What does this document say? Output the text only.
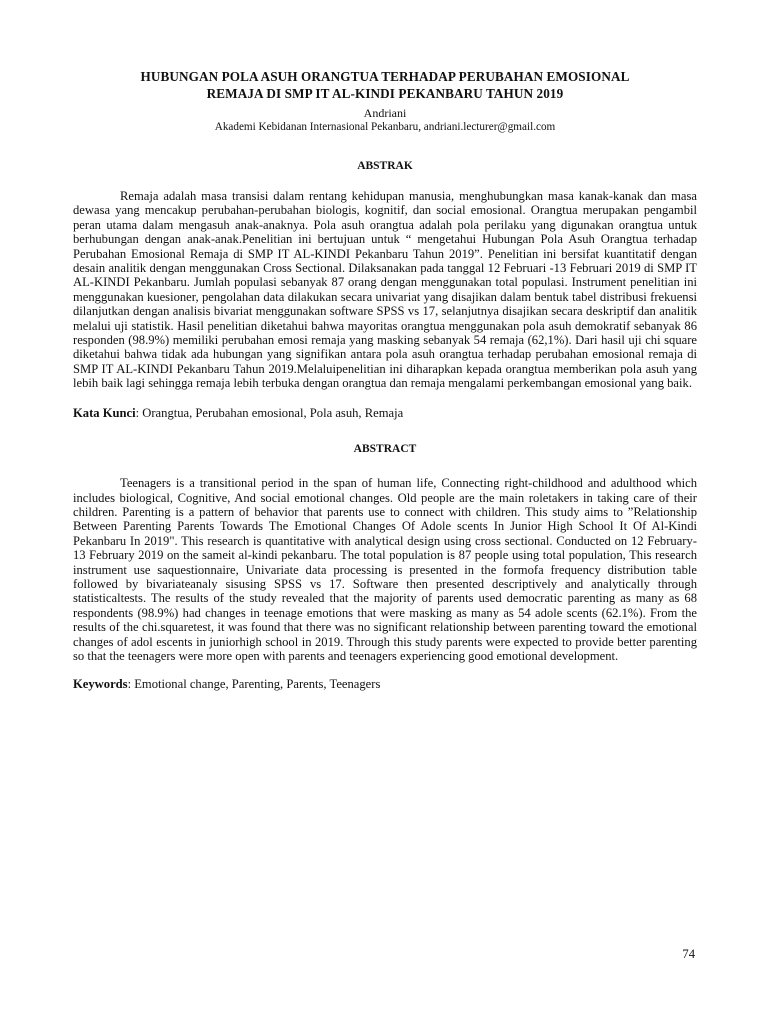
HUBUNGAN POLA ASUH ORANGTUA TERHADAP PERUBAHAN EMOSIONAL
REMAJA DI SMP IT AL-KINDI PEKANBARU TAHUN 2019

Andriani

Akademi Kebidanan Internasional Pekanbaru, andriani.lecturer@gmail.com

ABSTRAK

Remaja adalah masa transisi dalam rentang kehidupan manusia, menghubungkan masa kanak-kanak dan masa dewasa yang mencakup perubahan-perubahan biologis, kognitif, dan social emosional. Orangtua merupakan pengambil peran utama dalam mengasuh anak-anaknya. Pola asuh orangtua adalah pola perilaku yang digunakan orangtua untuk berhubungan dengan anak-anak.Penelitian ini bertujuan untuk “ mengetahui Hubungan Pola Asuh Orangtua terhadap Perubahan Emosional Remaja di SMP IT AL-KINDI Pekanbaru Tahun 2019”. Penelitian ini bersifat kuantitatif dengan desain analitik dengan menggunakan Cross Sectional. Dilaksanakan pada tanggal 12 Februari -13 Februari 2019 di SMP IT AL-KINDI Pekanbaru. Jumlah populasi sebanyak 87 orang dengan menggunakan total populasi. Instrument penelitian ini menggunakan kuesioner, pengolahan data dilakukan secara univariat yang disajikan dalam bentuk tabel distribusi frekuensi dilanjutkan dengan analisis bivariat menggunakan software SPSS vs 17, selanjutnya disajikan secara deskriptif dan analitik melalui uji statistik. Hasil penelitian diketahui bahwa mayoritas orangtua menggunakan pola asuh demokratif sebanyak 86 responden (98.9%) memiliki perubahan emosi remaja yang masking sebanyak 54 remaja (62,1%). Dari hasil uji chi square diketahui bahwa tidak ada hubungan yang signifikan antara pola asuh orangtua terhadap perubahan emosional remaja di SMP IT AL-KINDI Pekanbaru Tahun 2019.Melaluipenelitian ini diharapkan kepada orangtua memberikan pola asuh yang lebih baik lagi sehingga remaja lebih terbuka dengan orangtua dan remaja mengalami perkembangan emosional yang baik.

Kata Kunci: Orangtua, Perubahan emosional, Pola asuh, Remaja

ABSTRACT

Teenagers is a transitional period in the span of human life, Connecting right-childhood and adulthood which includes biological, Cognitive, And social emotional changes. Old people are the main roletakers in taking care of their children. Parenting is a pattern of behavior that parents use to connect with children. This study aims to ”Relationship Between Parenting Parents Towards The Emotional Changes Of Adole scents In Junior High School It Of Al-Kindi Pekanbaru In 2019". This research is quantitative with analytical design using cross sectional. Conducted on 12 February-13 February 2019 on the sameit al-kindi pekanbaru. The total population is 87 people using total population, This research instrument use saquestionnaire, Univariate data processing is presented in the formofa frequency distribution table followed by bivariateanaly sisusing SPSS vs 17. Software then presented descriptively and analytically through statisticaltests. The results of the study revealed that the majority of parents used democratic parenting as many as 68 respondents (98.9%) had changes in teenage emotions that were masking as many as 54 adole scents (62.1%). From the results of the chi.squaretest, it was found that there was no significant relationship between parenting toward the emotional changes of adol escents in juniorhigh school in 2019. Through this study parents were expected to provide better parenting so that the teenagers were more open with parents and teenagers experiencing good emotional development.

Keywords: Emotional change, Parenting, Parents, Teenagers

74
